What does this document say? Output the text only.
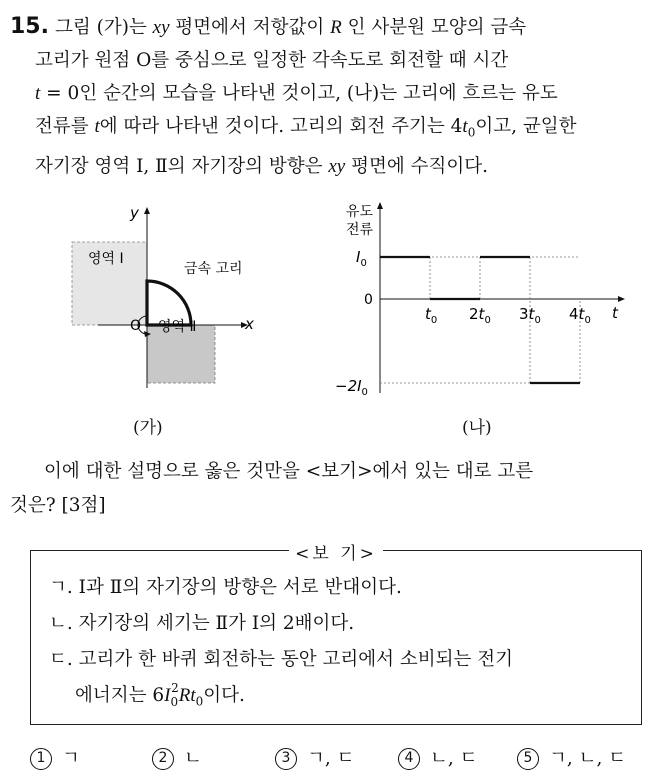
15. 그림 (가)는 xy 평면에서 저항값이 R 인 사분원 모양의 금속
고리가 원점 O를 중심으로 일정한 각속도로 회전할 때 시간
t = 0인 순간의 모습을 나타낸 것이고, (나)는 고리에 흐르는 유도
전류를 t에 따라 나타낸 것이다. 고리의 회전 주기는 $4t_0$이고, 균일한
자기장 영역 Ⅰ, Ⅱ의 자기장의 방향은 xy 평면에 수직이다.
y
x
O
영역 Ⅰ
영역 Ⅱ
금속 고리
(가)
유도
전류
t
$I_0$
0
$-2I_0$
$t_0$ $2t_0$ $3t_0$ $4t_0$
(나)
이에 대한 설명으로 옳은 것만을 <보기>에서 있는 대로 고른
것은? [3점]
<보 기>
ㄱ. Ⅰ과 Ⅱ의 자기장의 방향은 서로 반대이다.
ㄴ. 자기장의 세기는 Ⅱ가 Ⅰ의 2배이다.
ㄷ. 고리가 한 바퀴 회전하는 동안 고리에서 소비되는 전기
에너지는 $6I_0^2Rt_0$이다.
1 ㄱ	2 ㄴ	3 ㄱ, ㄷ	4 ㄴ, ㄷ	5 ㄱ, ㄴ, ㄷ
